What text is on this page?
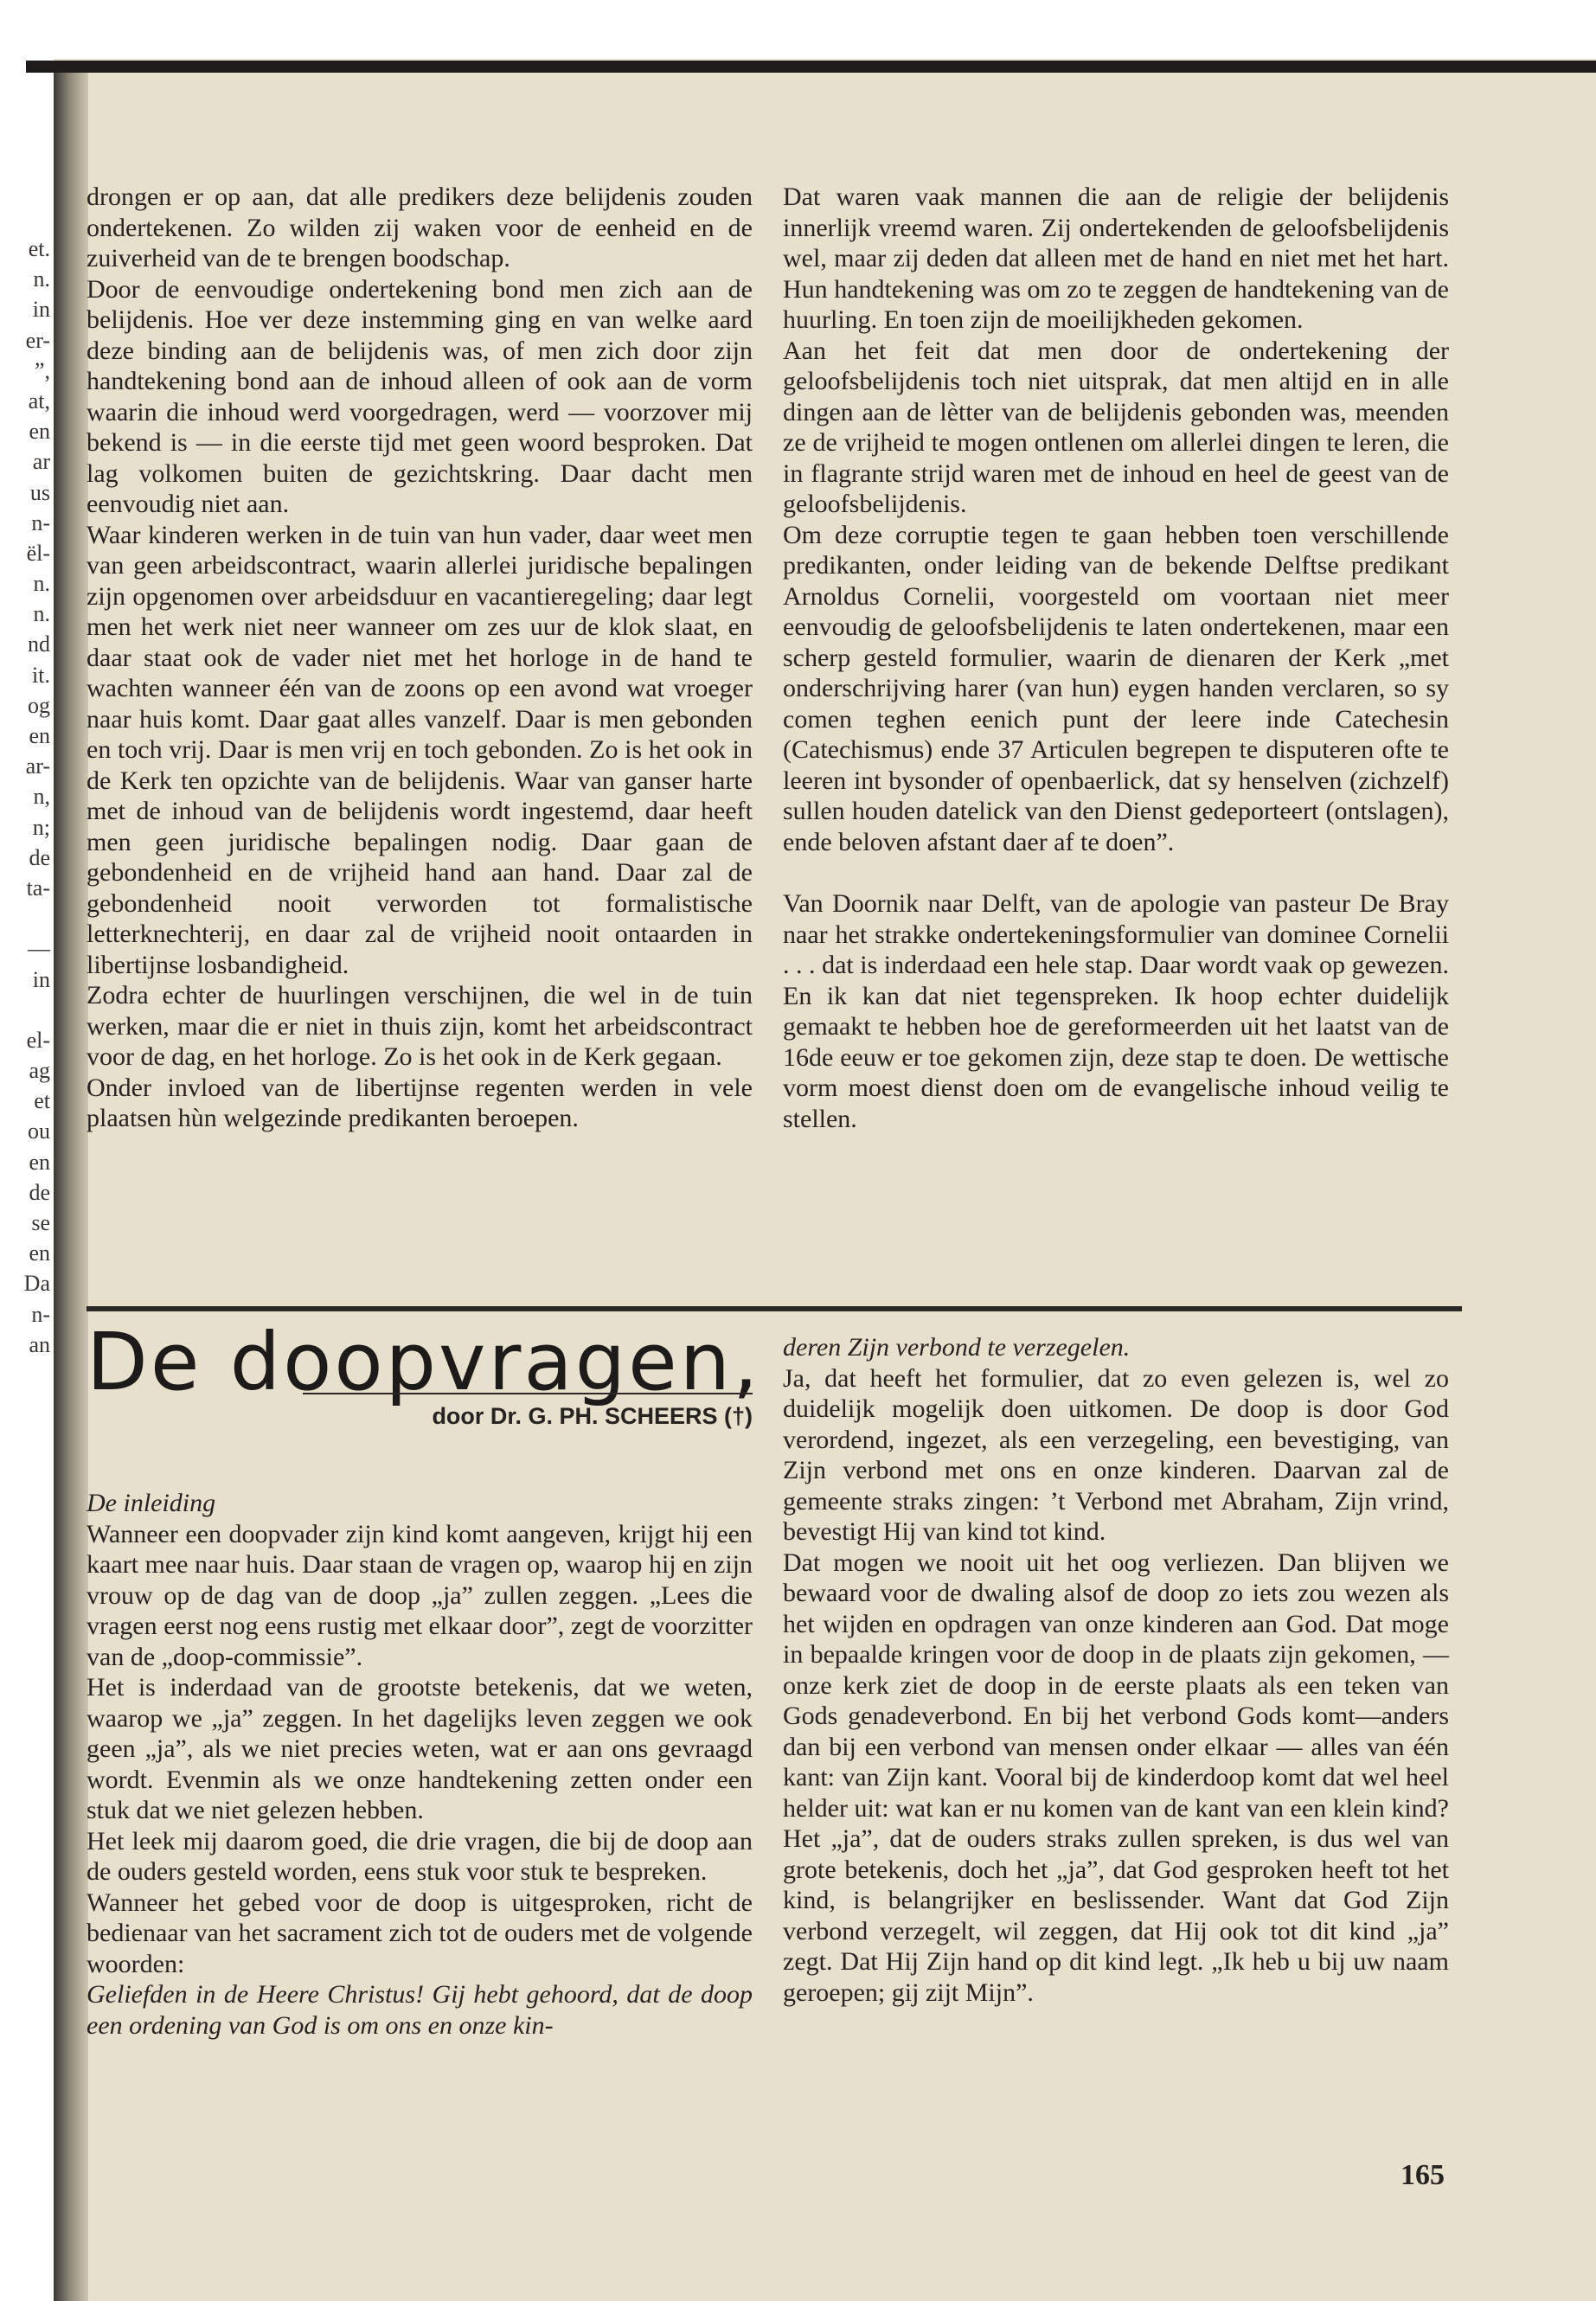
et.
n.
in
er-
”,
at,
en
ar
us
n-
ël-
n.
n.
nd
it.
og
en
ar-
n,
n;
de
ta-
—
in
el-
ag
et
ou
en
de
se
en
Da
n-
an

drongen er op aan, dat alle predikers deze belijdenis zouden ondertekenen. Zo wilden zij waken voor de eenheid en de zuiverheid van de te brengen boodschap.

Door de eenvoudige ondertekening bond men zich aan de belijdenis. Hoe ver deze instemming ging en van welke aard deze binding aan de belijdenis was, of men zich door zijn handtekening bond aan de inhoud alleen of ook aan de vorm waarin die inhoud werd voorgedragen, werd — voorzover mij bekend is — in die eerste tijd met geen woord besproken. Dat lag volkomen buiten de gezichtskring. Daar dacht men eenvoudig niet aan.

Waar kinderen werken in de tuin van hun vader, daar weet men van geen arbeidscontract, waarin allerlei juridische bepalingen zijn opgenomen over arbeidsduur en vacantieregeling; daar legt men het werk niet neer wanneer om zes uur de klok slaat, en daar staat ook de vader niet met het horloge in de hand te wachten wanneer één van de zoons op een avond wat vroeger naar huis komt. Daar gaat alles vanzelf. Daar is men gebonden en toch vrij. Daar is men vrij en toch gebonden. Zo is het ook in de Kerk ten opzichte van de belijdenis. Waar van ganser harte met de inhoud van de belijdenis wordt ingestemd, daar heeft men geen juridische bepalingen nodig. Daar gaan de gebondenheid en de vrijheid hand aan hand. Daar zal de gebondenheid nooit verworden tot formalistische letterknechterij, en daar zal de vrijheid nooit ontaarden in libertijnse losbandigheid.

Zodra echter de huurlingen verschijnen, die wel in de tuin werken, maar die er niet in thuis zijn, komt het arbeidscontract voor de dag, en het horloge. Zo is het ook in de Kerk gegaan.

Onder invloed van de libertijnse regenten werden in vele plaatsen hùn welgezinde predikanten beroepen.

Dat waren vaak mannen die aan de religie der belijdenis innerlijk vreemd waren. Zij ondertekenden de geloofsbelijdenis wel, maar zij deden dat alleen met de hand en niet met het hart. Hun handtekening was om zo te zeggen de handtekening van de huurling. En toen zijn de moeilijkheden gekomen.

Aan het feit dat men door de ondertekening der geloofsbelijdenis toch niet uitsprak, dat men altijd en in alle dingen aan de lètter van de belijdenis gebonden was, meenden ze de vrijheid te mogen ontlenen om allerlei dingen te leren, die in flagrante strijd waren met de inhoud en heel de geest van de geloofsbelijdenis.

Om deze corruptie tegen te gaan hebben toen verschillende predikanten, onder leiding van de bekende Delftse predikant Arnoldus Cornelii, voorgesteld om voortaan niet meer eenvoudig de geloofsbelijdenis te laten ondertekenen, maar een scherp gesteld formulier, waarin de dienaren der Kerk „met onderschrijving harer (van hun) eygen handen verclaren, so sy comen teghen eenich punt der leere inde Catechesin (Catechismus) ende 37 Articulen begrepen te disputeren ofte te leeren int bysonder of openbaerlick, dat sy henselven (zichzelf) sullen houden datelick van den Dienst gedeporteert (ontslagen), ende beloven afstant daer af te doen”.

Van Doornik naar Delft, van de apologie van pasteur De Bray naar het strakke ondertekeningsformulier van dominee Cornelii . . . dat is inderdaad een hele stap. Daar wordt vaak op gewezen. En ik kan dat niet tegenspreken. Ik hoop echter duidelijk gemaakt te hebben hoe de gereformeerden uit het laatst van de 16de eeuw er toe gekomen zijn, deze stap te doen. De wettische vorm moest dienst doen om de evangelische inhoud veilig te stellen.

De doopvragen,
door Dr. G. PH. SCHEERS (†)

De inleiding

Wanneer een doopvader zijn kind komt aangeven, krijgt hij een kaart mee naar huis. Daar staan de vragen op, waarop hij en zijn vrouw op de dag van de doop „ja” zullen zeggen. „Lees die vragen eerst nog eens rustig met elkaar door”, zegt de voorzitter van de „doop-commissie”.

Het is inderdaad van de grootste betekenis, dat we weten, waarop we „ja” zeggen. In het dagelijks leven zeggen we ook geen „ja”, als we niet precies weten, wat er aan ons gevraagd wordt. Evenmin als we onze handtekening zetten onder een stuk dat we niet gelezen hebben.

Het leek mij daarom goed, die drie vragen, die bij de doop aan de ouders gesteld worden, eens stuk voor stuk te bespreken.

Wanneer het gebed voor de doop is uitgesproken, richt de bedienaar van het sacrament zich tot de ouders met de volgende woorden:

Geliefden in de Heere Christus! Gij hebt gehoord, dat de doop een ordening van God is om ons en onze kin-

deren Zijn verbond te verzegelen.

Ja, dat heeft het formulier, dat zo even gelezen is, wel zo duidelijk mogelijk doen uitkomen. De doop is door God verordend, ingezet, als een verzegeling, een bevestiging, van Zijn verbond met ons en onze kinderen. Daarvan zal de gemeente straks zingen: ’t Verbond met Abraham, Zijn vrind, bevestigt Hij van kind tot kind.

Dat mogen we nooit uit het oog verliezen. Dan blijven we bewaard voor de dwaling alsof de doop zo iets zou wezen als het wijden en opdragen van onze kinderen aan God. Dat moge in bepaalde kringen voor de doop in de plaats zijn gekomen, — onze kerk ziet de doop in de eerste plaats als een teken van Gods genadeverbond. En bij het verbond Gods komt—anders dan bij een verbond van mensen onder elkaar — alles van één kant: van Zijn kant. Vooral bij de kinderdoop komt dat wel heel helder uit: wat kan er nu komen van de kant van een klein kind? Het „ja”, dat de ouders straks zullen spreken, is dus wel van grote betekenis, doch het „ja”, dat God gesproken heeft tot het kind, is belangrijker en beslissender. Want dat God Zijn verbond verzegelt, wil zeggen, dat Hij ook tot dit kind „ja” zegt. Dat Hij Zijn hand op dit kind legt. „Ik heb u bij uw naam geroepen; gij zijt Mijn”.

165
